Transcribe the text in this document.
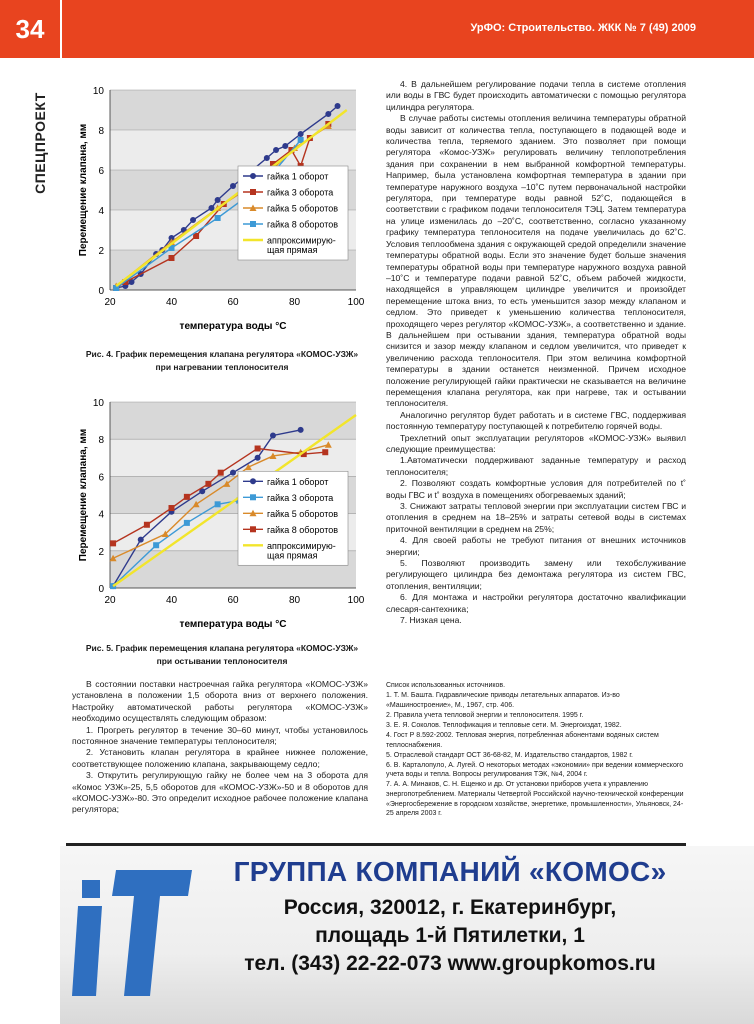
34	УрФО: Строительство. ЖКК № 7 (49) 2009
СПЕЦПРОЕКТ
0
2
4
6
8
10
20	40	60	80	100
температура воды °С
Перемещение клапана, мм	гайка 1 оборот
гайка 3 оборота
гайка 5 оборотов
гайка 8 оборотов
аппроксимирую-
щая прямая
Рис. 4. График перемещения клапана регулятора «КОМОС-УЗЖ»
при нагревании теплоносителя
0
2
4
6
8
10
20	40	60	80	100
температура воды °С
Перемещение клапана, мм	гайка 1 оборот
гайка 3 оборота
гайка 5 оборотов
гайка 8 оборотов
аппроксимирую-
щая прямая
Рис. 5. График перемещения клапана регулятора «КОМОС-УЗЖ»
при остывании теплоносителя

В состоянии поставки настроечная гайка регулятора «КОМОС-УЗЖ» установлена в положении 1,5 оборота вниз от верхнего положения. Настройку автоматической работы регулятора «КОМОС-УЗЖ» необходимо осуществлять следующим образом:

1. Прогреть регулятор в течение 30–60 минут, чтобы установилось постоянное значение температуры теплоносителя;

2. Установить клапан регулятора в крайнее нижнее положение, соответствующее положению клапана, закрывающему седло;

3. Открутить регулирующую гайку не более чем на 3 оборота для «Комос УЗЖ»-25, 5,5 оборотов для «КОМОС-УЗЖ»-50 и 8 оборотов для «КОМОС-УЗЖ»-80. Это определит исходное рабочее положение клапана регулятора;

4. В дальнейшем регулирование подачи тепла в системе отопления или воды в ГВС будет происходить автоматически с помощью регулятора цилиндра регулятора.

В случае работы системы отопления величина температуры обратной воды зависит от количества тепла, поступающего в подающей воде и количества тепла, теряемого зданием. Это позволяет при помощи регулятора «Комос-УЗЖ» регулировать величину теплопотребления здания при сохранении в нем выбранной комфортной температуры. Например, была установлена комфортная температура в здании при температуре наружного воздуха –10˚С путем первоначальной настройки регулятора, при температуре воды равной 52˚С, подающейся в соответствии с графиком подачи теплоносителя ТЭЦ. Затем температура на улице изменилась до –20˚С, соответственно, согласно указанному графику температура теплоносителя на подаче увеличилась до 62˚С. Условия теплообмена здания с окружающей средой определили значение температуры обратной воды. Если это значение будет больше значения температуры обратной воды при температуре наружного воздуха равной –10˚С и температуре подачи равной 52˚С, объем рабочей жидкости, находящейся в управляющем цилиндре увеличится и произойдет перемещение штока вниз, то есть уменьшится зазор между клапаном и седлом. Это приведет к уменьшению количества теплоносителя, проходящего через регулятор «КОМОС-УЗЖ», а соответственно и здание. В дальнейшем при остывании здания, температура обратной воды снизится и зазор между клапаном и седлом увеличится, что приведет к увеличению расхода теплоносителя. При этом величина комфортной температуры в здании останется неизменной. Причем исходное положение регулирующей гайки практически не сказывается на величине перемещения клапана регулятора, как при нагреве, так и остывании теплоносителя.

Аналогично регулятор будет работать и в системе ГВС, поддерживая постоянную температуру поступающей к потребителю горячей воды.

Трехлетний опыт эксплуатации регуляторов «КОМОС-УЗЖ» выявил следующие преимущества:

1.Автоматически поддерживают заданные температуру и расход теплоносителя;

2. Позволяют создать комфортные условия для потребителей по t˚ воды ГВС и t˚ воздуха в помещениях обогреваемых зданий;

3. Снижают затраты тепловой энергии при эксплуатации систем ГВС и отопления в среднем на 18–25% и затраты сетевой воды в системах приточной вентиляции в среднем на 25%;

4. Для своей работы не требуют питания от внешних источников энергии;

5. Позволяют производить замену или техобслуживание регулирующего цилиндра без демонтажа регулятора из систем ГВС, отопления, вентиляции;

6. Для монтажа и настройки регулятора достаточно квалификации слесаря-сантехника;

7. Низкая цена.

Список использованных источников.
1. Т. М. Башта. Гидравлические приводы летательных аппаратов. Из-во «Машиностроение», М., 1967, стр. 406.
2. Правила учета тепловой энергии и теплоносителя. 1995 г.
3. Е. Я. Соколов. Теплофикация и тепловые сети. М. Энергоиздат, 1982.
4. Гост Р 8.592-2002. Тепловая энергия, потребленная абонентами водяных систем теплоснабжения.
5. Отраслевой стандарт ОСТ 36-68-82, М. Издательство стандартов, 1982 г.
6. В. Карталопуло, А. Лугей. О некоторых методах «экономии» при ведении коммерческого учета воды и тепла. Вопросы регулирования ТЭК, №4, 2004 г.
7. А. А. Минаков, С. Н. Ещенко и др. От установки приборов учета к управлению энергопотреблением. Материалы Четвертой Российской научно-технической конференции «Энергосбережение в городском хозяйстве, энергетике, промышленности», Ульяновск, 24-25 апреля 2003 г.
ГРУППА КОМПАНИЙ «КОМОС»
Россия, 320012, г. Екатеринбург,
площадь 1-й Пятилетки, 1
тел. (343) 22-22-073 www.groupkomos.ru
